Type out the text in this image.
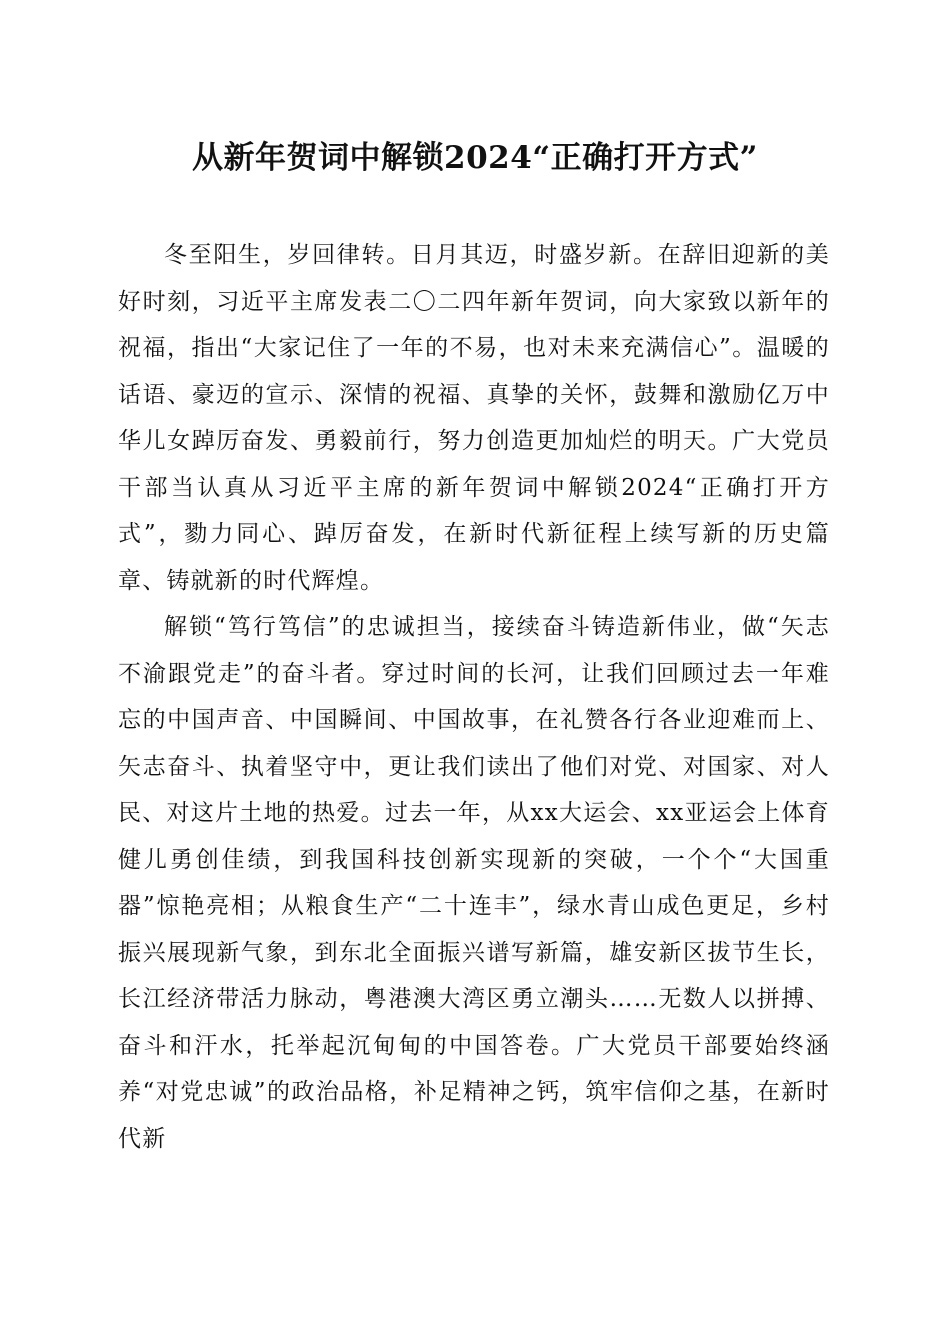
从新年贺词中解锁2024“正确打开方式”

冬至阳生，岁回律转。日月其迈，时盛岁新。在辞旧迎新的美好时刻，习近平主席发表二〇二四年新年贺词，向大家致以新年的祝福，指出“大家记住了一年的不易，也对未来充满信心”。温暖的话语、豪迈的宣示、深情的祝福、真挚的关怀，鼓舞和激励亿万中华儿女踔厉奋发、勇毅前行，努力创造更加灿烂的明天。广大党员干部当认真从习近平主席的新年贺词中解锁2024“正确打开方式”，勠力同心、踔厉奋发，在新时代新征程上续写新的历史篇章、铸就新的时代辉煌。

解锁“笃行笃信”的忠诚担当，接续奋斗铸造新伟业，做“矢志不渝跟党走”的奋斗者。穿过时间的长河，让我们回顾过去一年难忘的中国声音、中国瞬间、中国故事，在礼赞各行各业迎难而上、矢志奋斗、执着坚守中，更让我们读出了他们对党、对国家、对人民、对这片土地的热爱。过去一年，从xx大运会、xx亚运会上体育健儿勇创佳绩，到我国科技创新实现新的突破，一个个“大国重器”惊艳亮相；从粮食生产“二十连丰”，绿水青山成色更足，乡村振兴展现新气象，到东北全面振兴谱写新篇，雄安新区拔节生长，长江经济带活力脉动，粤港澳大湾区勇立潮头……无数人以拼搏、奋斗和汗水，托举起沉甸甸的中国答卷。广大党员干部要始终涵养“对党忠诚”的政治品格，补足精神之钙，筑牢信仰之基，在新时代新
